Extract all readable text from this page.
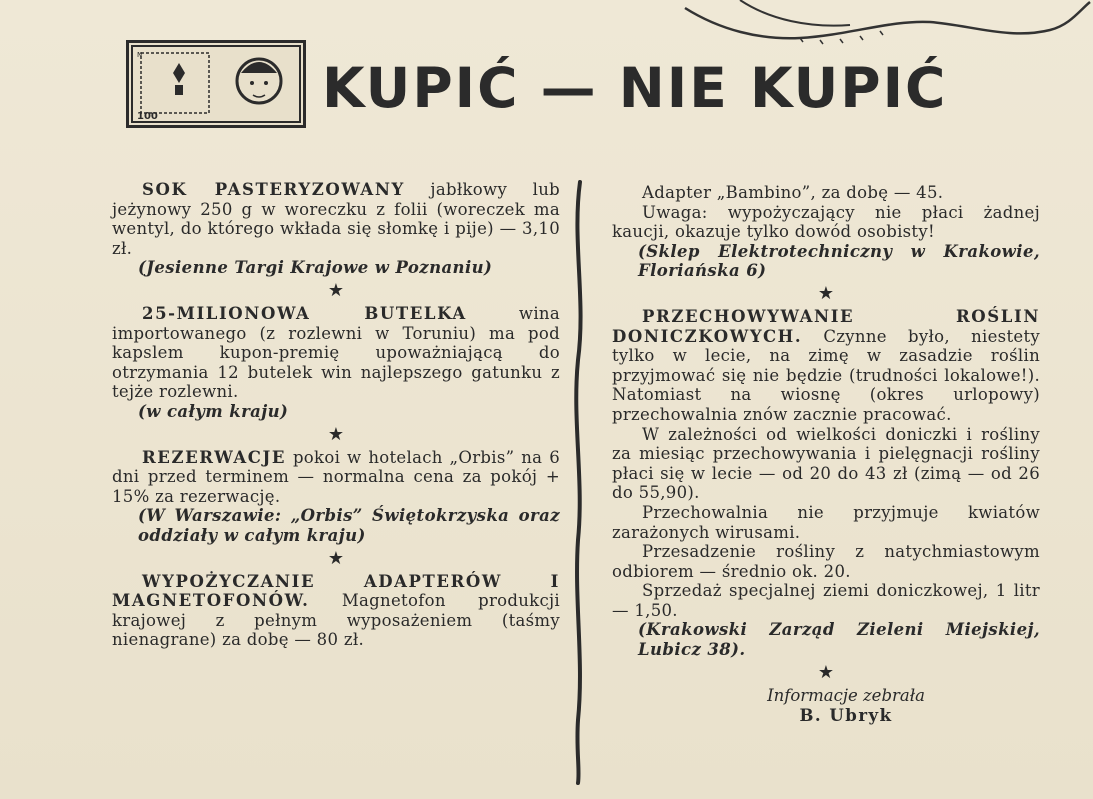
100
N
KUPIĆ — NIE KUPIĆ

SOK PASTERYZOWANY jabłkowy lub jeżynowy 250 g w woreczku z folii (woreczek ma wentyl, do którego wkłada się słomkę i pije) — 3,10 zł.

(Jesienne Targi Krajowe w Poznaniu)

★

25-MILIONOWA BUTELKA wina importowanego (z rozlewni w Toruniu) ma pod kapslem kupon-premię upoważniającą do otrzymania 12 butelek win najlepszego gatunku z tejże rozlewni.

(w całym kraju)

★

REZERWACJE pokoi w hotelach „Orbis” na 6 dni przed terminem — normalna cena za pokój + 15% za rezerwację.

(W Warszawie: „Orbis” Świętokrzyska oraz oddziały w całym kraju)

★

WYPOŻYCZANIE ADAPTERÓW I MAGNETOFONÓW. Magnetofon produkcji krajowej z pełnym wyposażeniem (taśmy nienagrane) za dobę — 80 zł.

Adapter „Bambino”, za dobę — 45.

Uwaga: wypożyczający nie płaci żadnej kaucji, okazuje tylko dowód osobisty!

(Sklep Elektrotechniczny w Krakowie, Floriańska 6)

★

PRZECHOWYWANIE ROŚLIN DONICZKOWYCH. Czynne było, niestety tylko w lecie, na zimę w zasadzie roślin przyjmować się nie będzie (trudności lokalowe!). Natomiast na wiosnę (okres urlopowy) przechowalnia znów zacznie pracować.

W zależności od wielkości doniczki i rośliny za miesiąc przechowywania i pielęgnacji rośliny płaci się w lecie — od 20 do 43 zł (zimą — od 26 do 55,90).

Przechowalnia nie przyjmuje kwiatów zarażonych wirusami.

Przesadzenie rośliny z natychmiastowym odbiorem — średnio ok. 20.

Sprzedaż specjalnej ziemi doniczkowej, 1 litr — 1,50.

(Krakowski Zarząd Zieleni Miejskiej, Lubicz 38).

★
Informacje zebrała
B. Ubryk
